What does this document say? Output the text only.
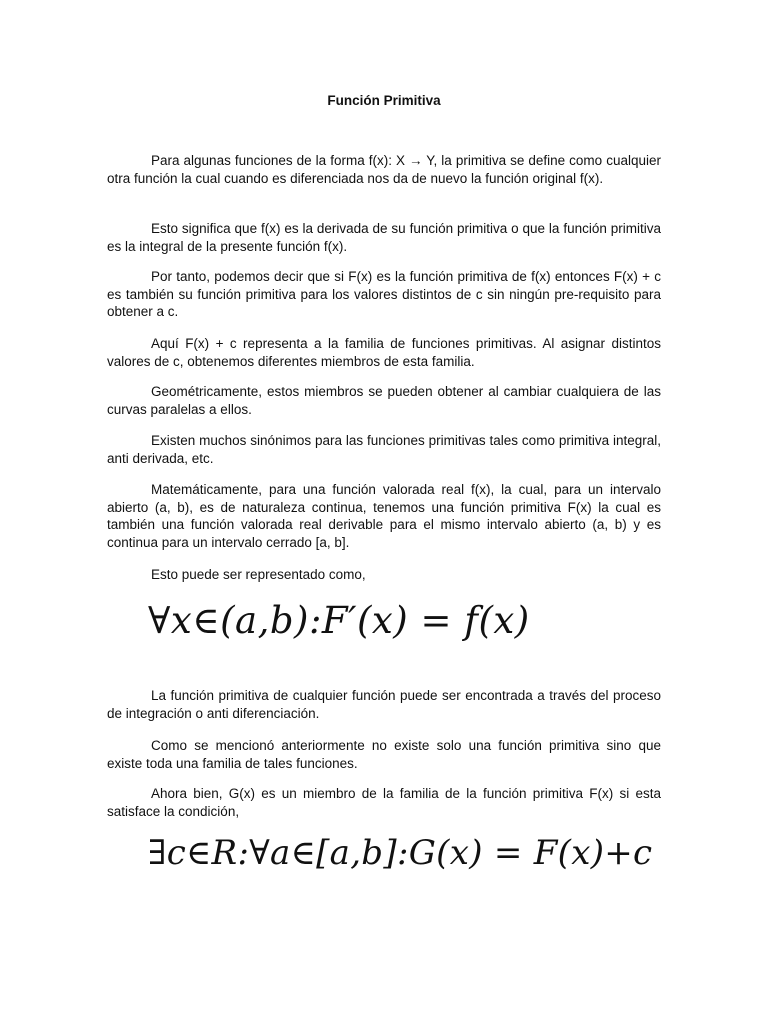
Función Primitiva

Para algunas funciones de la forma f(x): X → Y, la primitiva se define como cualquier otra función la cual cuando es diferenciada nos da de nuevo la función original f(x).

Esto significa que f(x) es la derivada de su función primitiva o que la función primitiva es la integral de la presente función f(x).

Por tanto, podemos decir que si F(x) es la función primitiva de f(x) entonces F(x) + c es también su función primitiva para los valores distintos de c sin ningún pre-requisito para obtener a c.

Aquí F(x) + c representa a la familia de funciones primitivas. Al asignar distintos valores de c, obtenemos diferentes miembros de esta familia.

Geométricamente, estos miembros se pueden obtener al cambiar cualquiera de las curvas paralelas a ellos.

Existen muchos sinónimos para las funciones primitivas tales como primitiva integral, anti derivada, etc.

Matemáticamente, para una función valorada real f(x), la cual, para un intervalo abierto (a, b), es de naturaleza continua, tenemos una función primitiva F(x) la cual es también una función valorada real derivable para el mismo intervalo abierto (a, b) y es continua para un intervalo cerrado [a, b].

Esto puede ser representado como,

∀x∈(a,b):F′(x) = f(x)

La función primitiva de cualquier función puede ser encontrada a través del proceso de integración o anti diferenciación.

Como se mencionó anteriormente no existe solo una función primitiva sino que existe toda una familia de tales funciones.

Ahora bien, G(x) es un miembro de la familia de la función primitiva F(x) si esta satisface la condición,

∃c∈R:∀a∈[a,b]:G(x) = F(x)+c
